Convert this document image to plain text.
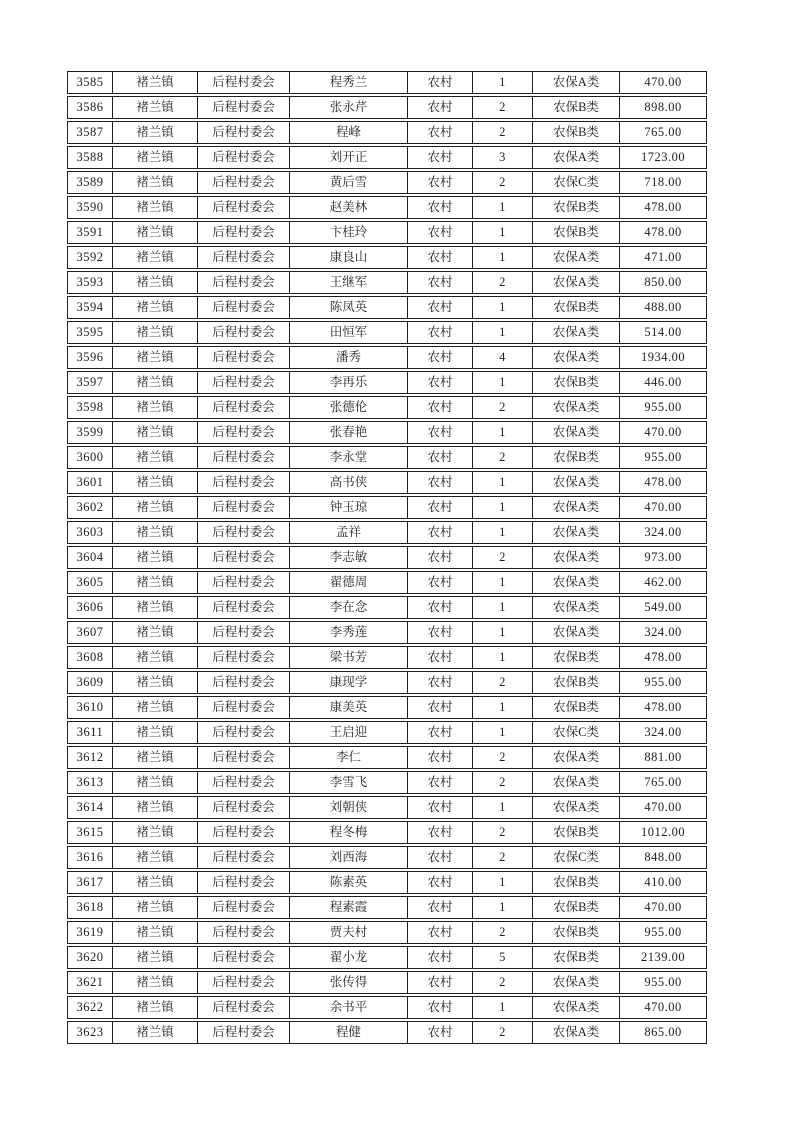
3585	褚兰镇	后程村委会	程秀兰	农村	1	农保A类	470.00
3586	褚兰镇	后程村委会	张永芹	农村	2	农保B类	898.00
3587	褚兰镇	后程村委会	程峰	农村	2	农保B类	765.00
3588	褚兰镇	后程村委会	刘开正	农村	3	农保A类	1723.00
3589	褚兰镇	后程村委会	黄后雪	农村	2	农保C类	718.00
3590	褚兰镇	后程村委会	赵美林	农村	1	农保B类	478.00
3591	褚兰镇	后程村委会	卞桂玲	农村	1	农保B类	478.00
3592	褚兰镇	后程村委会	康良山	农村	1	农保A类	471.00
3593	褚兰镇	后程村委会	王继军	农村	2	农保A类	850.00
3594	褚兰镇	后程村委会	陈凤英	农村	1	农保B类	488.00
3595	褚兰镇	后程村委会	田恒军	农村	1	农保A类	514.00
3596	褚兰镇	后程村委会	潘秀	农村	4	农保A类	1934.00
3597	褚兰镇	后程村委会	李再乐	农村	1	农保B类	446.00
3598	褚兰镇	后程村委会	张德伦	农村	2	农保A类	955.00
3599	褚兰镇	后程村委会	张春艳	农村	1	农保A类	470.00
3600	褚兰镇	后程村委会	李永堂	农村	2	农保B类	955.00
3601	褚兰镇	后程村委会	高书侠	农村	1	农保A类	478.00
3602	褚兰镇	后程村委会	钟玉琼	农村	1	农保A类	470.00
3603	褚兰镇	后程村委会	孟祥	农村	1	农保A类	324.00
3604	褚兰镇	后程村委会	李志敏	农村	2	农保A类	973.00
3605	褚兰镇	后程村委会	翟德周	农村	1	农保A类	462.00
3606	褚兰镇	后程村委会	李在念	农村	1	农保A类	549.00
3607	褚兰镇	后程村委会	李秀莲	农村	1	农保A类	324.00
3608	褚兰镇	后程村委会	梁书芳	农村	1	农保B类	478.00
3609	褚兰镇	后程村委会	康现学	农村	2	农保B类	955.00
3610	褚兰镇	后程村委会	康美英	农村	1	农保B类	478.00
3611	褚兰镇	后程村委会	王启迎	农村	1	农保C类	324.00
3612	褚兰镇	后程村委会	李仁	农村	2	农保A类	881.00
3613	褚兰镇	后程村委会	李雪飞	农村	2	农保A类	765.00
3614	褚兰镇	后程村委会	刘朝侠	农村	1	农保A类	470.00
3615	褚兰镇	后程村委会	程冬梅	农村	2	农保B类	1012.00
3616	褚兰镇	后程村委会	刘西海	农村	2	农保C类	848.00
3617	褚兰镇	后程村委会	陈素英	农村	1	农保B类	410.00
3618	褚兰镇	后程村委会	程素霞	农村	1	农保B类	470.00
3619	褚兰镇	后程村委会	贾夫村	农村	2	农保B类	955.00
3620	褚兰镇	后程村委会	翟小龙	农村	5	农保B类	2139.00
3621	褚兰镇	后程村委会	张传得	农村	2	农保A类	955.00
3622	褚兰镇	后程村委会	余书平	农村	1	农保A类	470.00
3623	褚兰镇	后程村委会	程健	农村	2	农保A类	865.00
